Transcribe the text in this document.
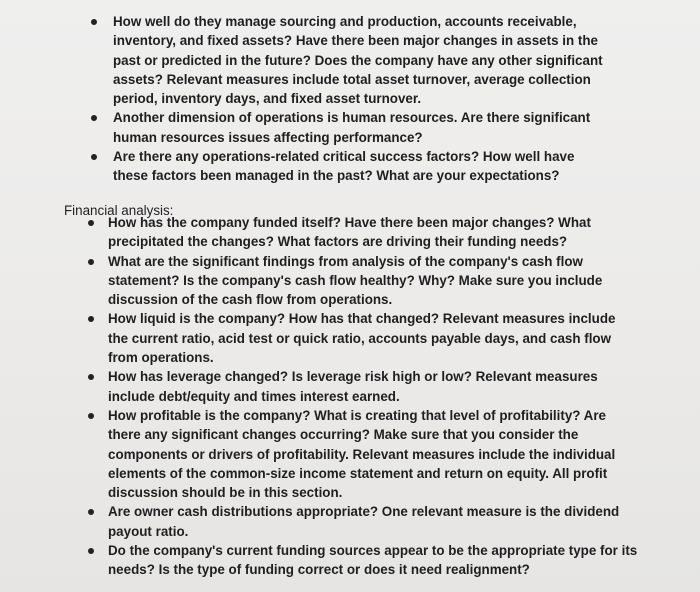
How well do they manage sourcing and production, accounts receivable, inventory, and fixed assets? Have there been major changes in assets in the past or predicted in the future? Does the company have any other significant assets? Relevant measures include total asset turnover, average collection period, inventory days, and fixed asset turnover.
Another dimension of operations is human resources. Are there significant human resources issues affecting performance?
Are there any operations-related critical success factors? How well have these factors been managed in the past? What are your expectations?
Financial analysis:
How has the company funded itself? Have there been major changes? What precipitated the changes? What factors are driving their funding needs?
What are the significant findings from analysis of the company's cash flow statement? Is the company's cash flow healthy? Why? Make sure you include discussion of the cash flow from operations.
How liquid is the company? How has that changed? Relevant measures include the current ratio, acid test or quick ratio, accounts payable days, and cash flow from operations.
How has leverage changed? Is leverage risk high or low? Relevant measures include debt/equity and times interest earned.
How profitable is the company? What is creating that level of profitability? Are there any significant changes occurring? Make sure that you consider the components or drivers of profitability. Relevant measures include the individual elements of the common-size income statement and return on equity. All profit discussion should be in this section.
Are owner cash distributions appropriate? One relevant measure is the dividend payout ratio.
Do the company's current funding sources appear to be the appropriate type for its needs? Is the type of funding correct or does it need realignment?
